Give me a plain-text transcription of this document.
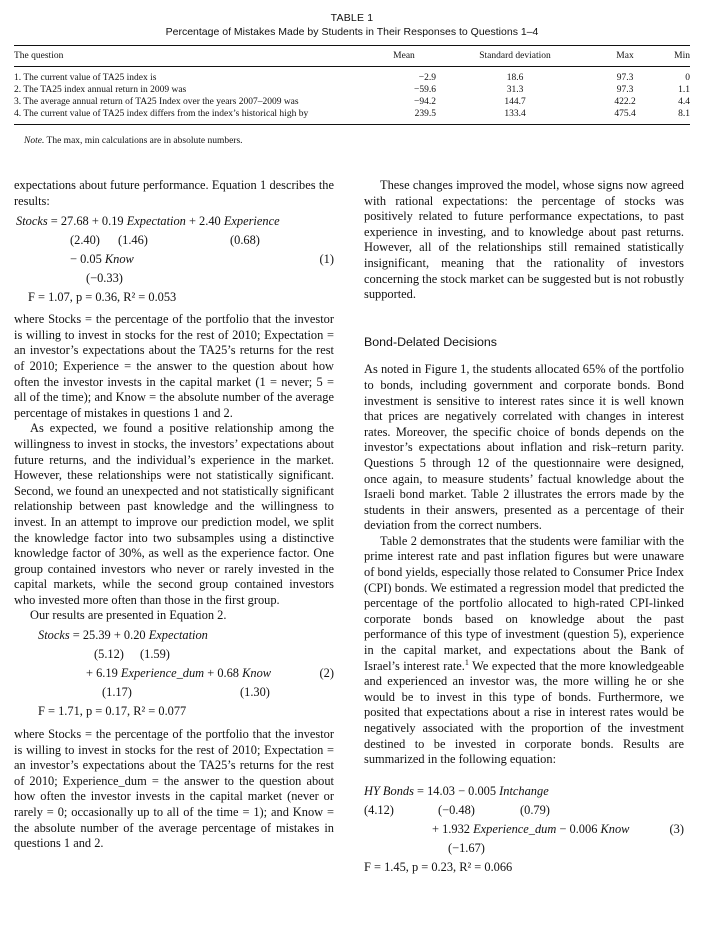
TABLE 1
Percentage of Mistakes Made by Students in Their Responses to Questions 1–4
The question	Mean	Standard deviation	Max	Min
1. The current value of TA25 index is	−2.9	18.6	97.3	0
2. The TA25 index annual return in 2009 was	−59.6	31.3	97.3	1.1
3. The average annual return of TA25 Index over the years 2007–2009 was	−94.2	144.7	422.2	4.4
4. The current value of TA25 index differs from the index’s historical high by	239.5	133.4	475.4	8.1
Note. The max, min calculations are in absolute numbers.

expectations about future performance. Equation 1 describes the results:

Stocks = 27.68 + 0.19 Expectation + 2.40 Experience
(2.40) (1.46)	(0.68)
− 0.05 Know	(1)
(−0.33)
F = 1.07, p = 0.36, R² = 0.053

where Stocks = the percentage of the portfolio that the investor is willing to invest in stocks for the rest of 2010; Expectation = an investor’s expectations about the TA25’s returns for the rest of 2010; Experience = the answer to the question about how often the investor invests in the capital market (1 = never; 5 = all of the time); and Know = the absolute number of the average percentage of mistakes in questions 1 and 2.

As expected, we found a positive relationship among the willingness to invest in stocks, the investors’ expectations about future returns, and the individual’s experience in the market. However, these relationships were not statistically significant. Second, we found an unexpected and not statistically significant relationship between past knowledge and the willingness to invest. In an attempt to improve our prediction model, we split the knowledge factor into two subsamples using a distinctive knowledge factor of 30%, as well as the experience factor. One group contained investors who never or rarely invested in the capital markets, while the second group contained investors who invested more often than those in the first group.

Our results are presented in Equation 2.

Stocks = 25.39 + 0.20 Expectation
(5.12) (1.59)
+ 6.19 Experience_dum + 0.68 Know	(2)
(1.17)	(1.30)
F = 1.71, p = 0.17, R² = 0.077

where Stocks = the percentage of the portfolio that the investor is willing to invest in stocks for the rest of 2010; Expectation = an investor’s expectations about the TA25’s returns for the rest of 2010; Experience_dum = the answer to the question about how often the investor invests in the capital market (never or rarely = 0; occasionally up to all of the time = 1); and Know = the absolute number of the average percentage of mistakes in questions 1 and 2.

These changes improved the model, whose signs now agreed with rational expectations: the percentage of stocks was positively related to future performance expectations, to past experience in investing, and to knowledge about past returns. However, all of the relationships still remained statistically insignificant, meaning that the rationality of investors concerning the stock market can be suggested but is not robustly supported.

Bond-Delated Decisions

As noted in Figure 1, the students allocated 65% of the portfolio to bonds, including government and corporate bonds. Bond investment is sensitive to interest rates since it is well known that prices are negatively correlated with changes in interest rates. Moreover, the specific choice of bonds depends on the investor’s expectations about inflation and risk–return parity. Questions 5 through 12 of the questionnaire were designed, once again, to measure students’ factual knowledge about the Israeli bond market. Table 2 illustrates the errors made by the students in their answers, presented as a percentage of their deviation from the correct numbers.

Table 2 demonstrates that the students were familiar with the prime interest rate and past inflation figures but were unaware of bond yields, especially those related to Consumer Price Index (CPI) bonds. We estimated a regression model that predicted the percentage of the portfolio allocated to high-rated CPI-linked corporate bonds based on knowledge about the past performance of this type of investment (question 5), experience in the capital market, and expectations about the Bank of Israel’s interest rate.$^1$ We expected that the more knowledgeable and experienced an investor was, the more willing he or she would be to invest in this type of bonds. Furthermore, we posited that expectations about a rise in interest rates would be negatively associated with the proportion of the investment destined to be invested in corporate bonds. Results are summarized in the following equation:

HY Bonds = 14.03 − 0.005 Intchange
(4.12)	(−0.48)	(0.79)
+ 1.932 Experience_dum − 0.006 Know	(3)
(−1.67)
F = 1.45, p = 0.23, R² = 0.066
